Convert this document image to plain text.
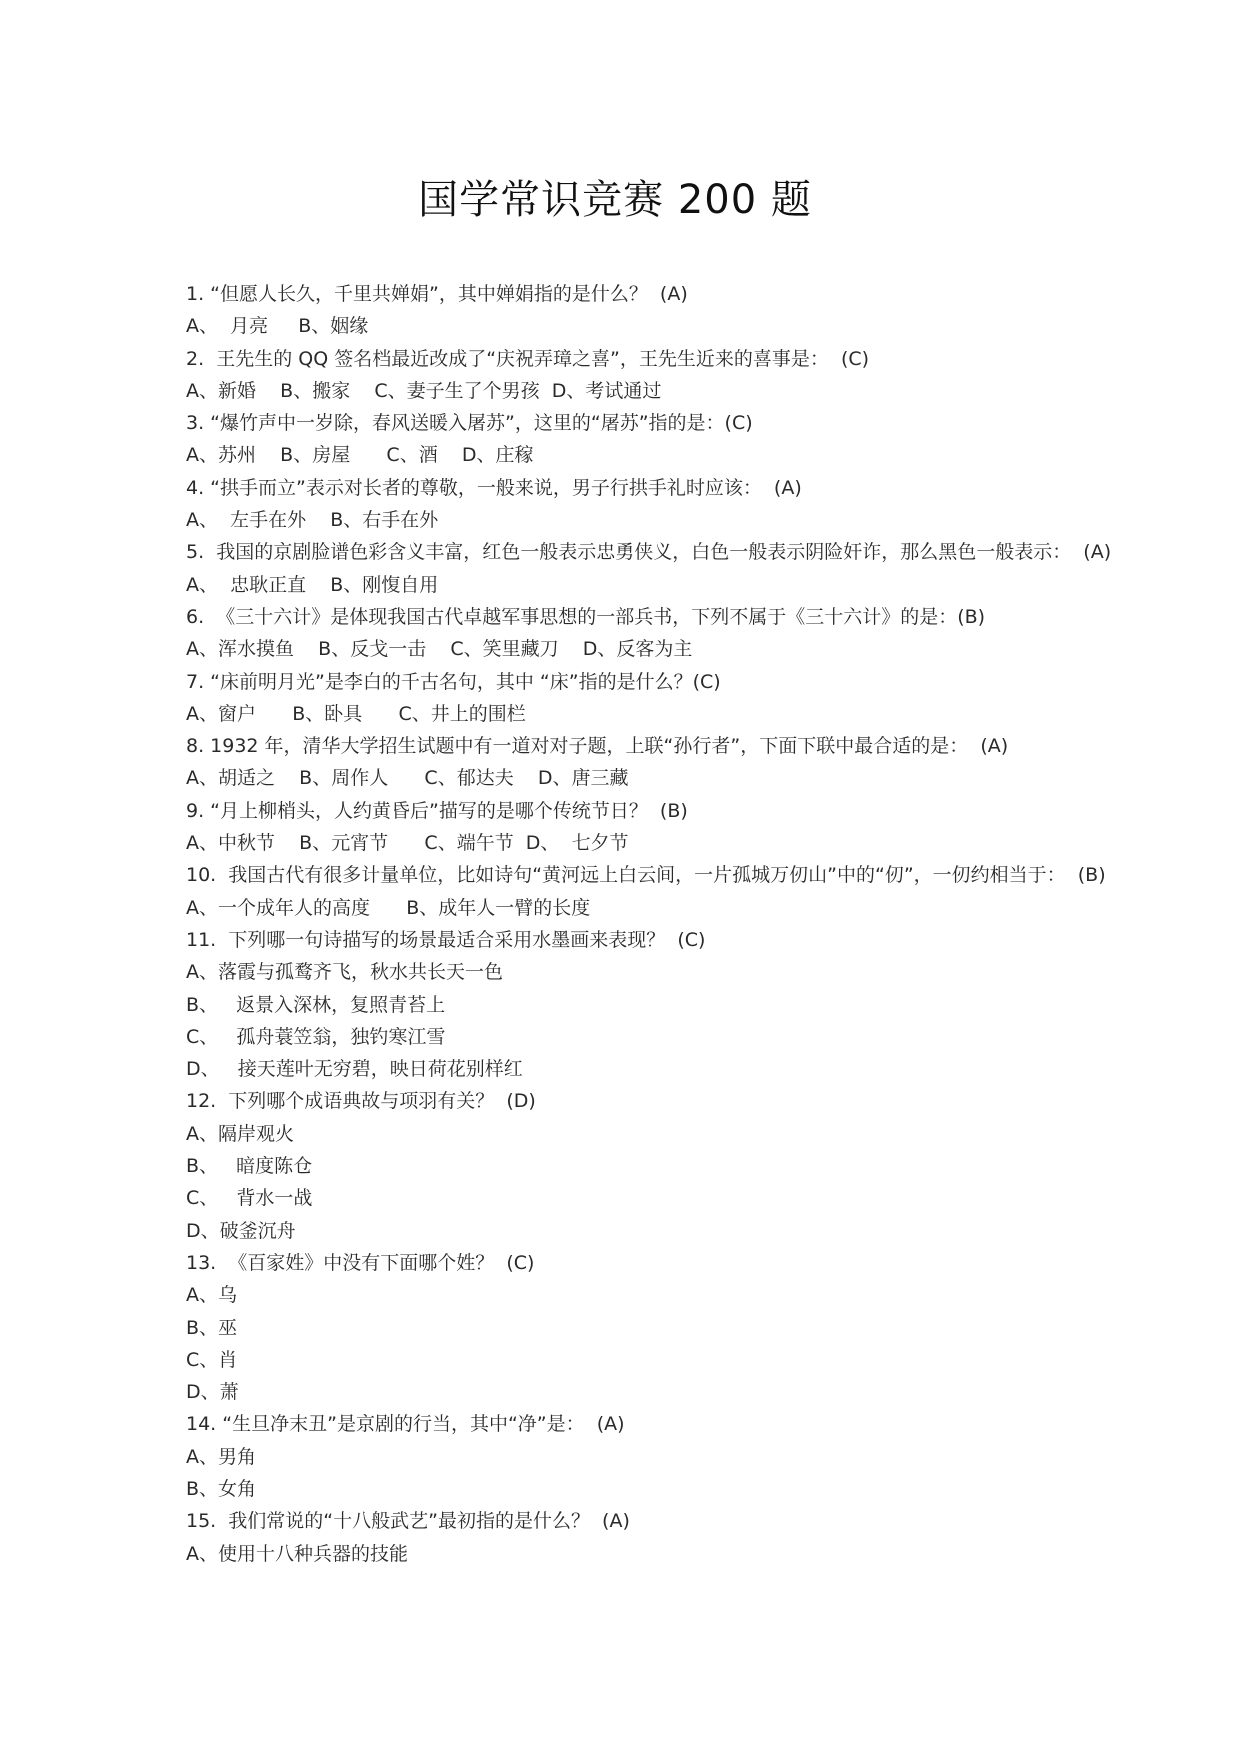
国学常识竞赛 200 题
1. “但愿人长久，千里共婵娟”，其中婵娟指的是什么？  (A)
A、  月亮     B、姻缘
2.  王先生的 QQ 签名档最近改成了“庆祝弄璋之喜”，王先生近来的喜事是：  (C)
A、新婚    B、搬家    C、妻子生了个男孩  D、考试通过
3. “爆竹声中一岁除，春风送暖入屠苏”，这里的“屠苏”指的是：(C)
A、苏州    B、房屋      C、酒    D、庄稼
4. “拱手而立”表示对长者的尊敬，一般来说，男子行拱手礼时应该：  (A)
A、  左手在外    B、右手在外
5.  我国的京剧脸谱色彩含义丰富，红色一般表示忠勇侠义，白色一般表示阴险奸诈，那么黑色一般表示：  (A)
A、  忠耿正直    B、刚愎自用
6.  《三十六计》是体现我国古代卓越军事思想的一部兵书，下列不属于《三十六计》的是：(B)
A、浑水摸鱼    B、反戈一击    C、笑里藏刀    D、反客为主
7. “床前明月光”是李白的千古名句，其中 “床”指的是什么？(C)
A、窗户      B、卧具      C、井上的围栏
8. 1932 年，清华大学招生试题中有一道对对子题，上联“孙行者”，下面下联中最合适的是：  (A)
A、胡适之    B、周作人      C、郁达夫    D、唐三藏
9. “月上柳梢头，人约黄昏后”描写的是哪个传统节日？  (B)
A、中秋节    B、元宵节      C、端午节  D、  七夕节
10.  我国古代有很多计量单位，比如诗句“黄河远上白云间，一片孤城万仞山”中的“仞”，一仞约相当于：  (B)
A、一个成年人的高度      B、成年人一臂的长度
11.  下列哪一句诗描写的场景最适合采用水墨画来表现？  (C)
A、落霞与孤鹜齐飞，秋水共长天一色
B、   返景入深林，复照青苔上
C、   孤舟蓑笠翁，独钓寒江雪
D、   接天莲叶无穷碧，映日荷花别样红
12.  下列哪个成语典故与项羽有关？  (D)
A、隔岸观火
B、   暗度陈仓
C、   背水一战
D、破釜沉舟
13.  《百家姓》中没有下面哪个姓？  (C)
A、乌
B、巫
C、肖
D、萧
14. “生旦净末丑”是京剧的行当，其中“净”是：  (A)
A、男角
B、女角
15.  我们常说的“十八般武艺”最初指的是什么？  (A)
A、使用十八种兵器的技能
